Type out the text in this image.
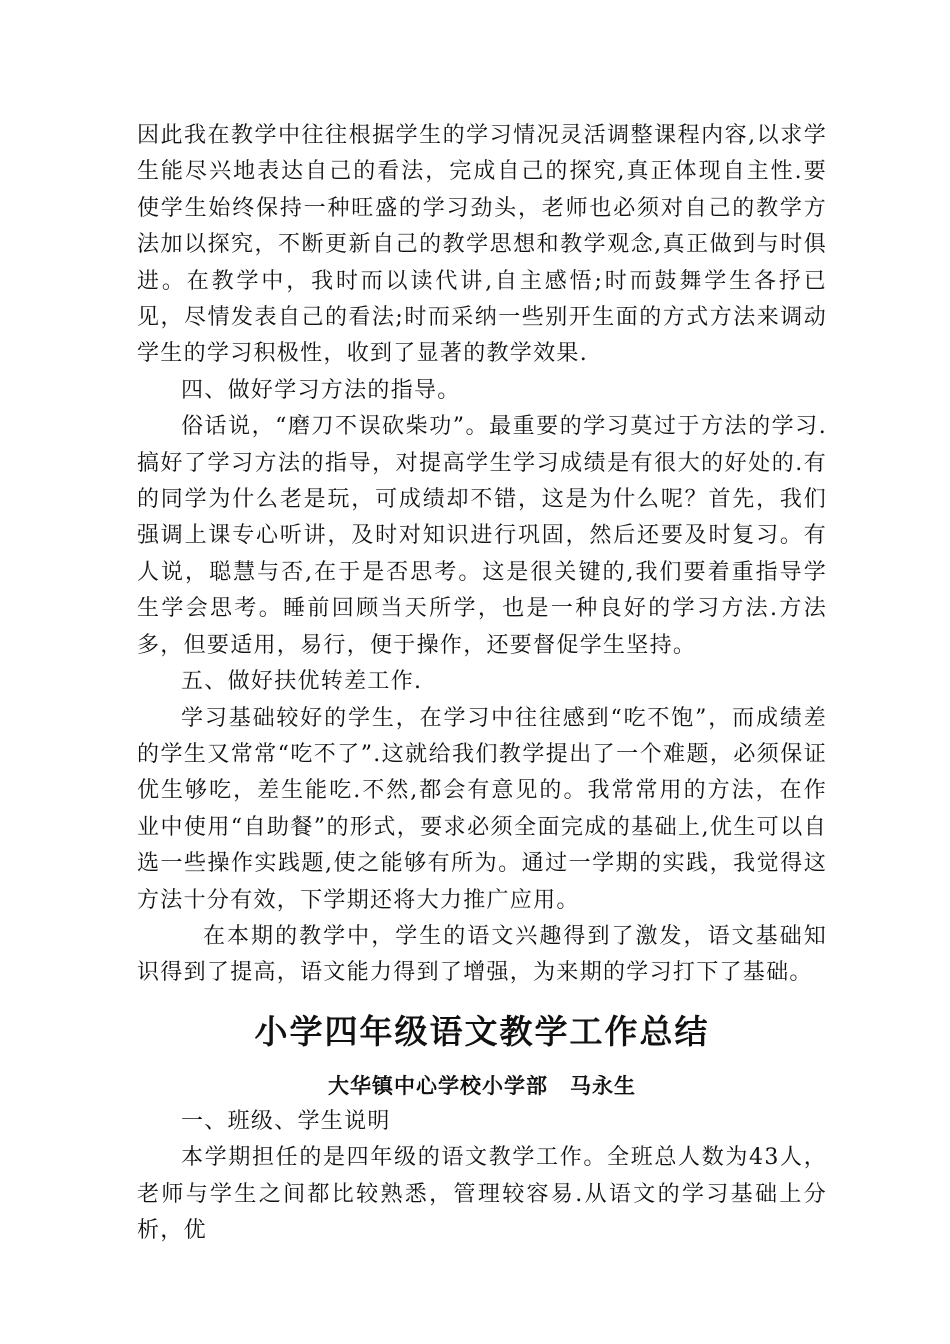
因此我在教学中往往根据学生的学习情况灵活调整课程内容,以求学生能尽兴地表达自己的看法，完成自己的探究,真正体现自主性.要使学生始终保持一种旺盛的学习劲头，老师也必须对自己的教学方法加以探究，不断更新自己的教学思想和教学观念,真正做到与时俱进。在教学中，我时而以读代讲,自主感悟;时而鼓舞学生各抒已见，尽情发表自己的看法;时而采纳一些别开生面的方式方法来调动学生的学习积极性，收到了显著的教学效果.

四、做好学习方法的指导。

俗话说，“磨刀不误砍柴功”。最重要的学习莫过于方法的学习.搞好了学习方法的指导，对提高学生学习成绩是有很大的好处的.有的同学为什么老是玩，可成绩却不错，这是为什么呢？首先，我们强调上课专心听讲，及时对知识进行巩固，然后还要及时复习。有人说，聪慧与否,在于是否思考。这是很关键的,我们要着重指导学生学会思考。睡前回顾当天所学，也是一种良好的学习方法.方法多，但要适用，易行，便于操作，还要督促学生坚持。

五、做好扶优转差工作.

学习基础较好的学生，在学习中往往感到“吃不饱”，而成绩差的学生又常常“吃不了”.这就给我们教学提出了一个难题，必须保证优生够吃，差生能吃.不然,都会有意见的。我常常用的方法，在作业中使用“自助餐”的形式，要求必须全面完成的基础上,优生可以自选一些操作实践题,使之能够有所为。通过一学期的实践，我觉得这方法十分有效，下学期还将大力推广应用。

在本期的教学中，学生的语文兴趣得到了激发，语文基础知识得到了提高，语文能力得到了增强，为来期的学习打下了基础。

小学四年级语文教学工作总结

大华镇中心学校小学部　马永生

一、班级、学生说明

本学期担任的是四年级的语文教学工作。全班总人数为43人，老师与学生之间都比较熟悉，管理较容易.从语文的学习基础上分析，优
